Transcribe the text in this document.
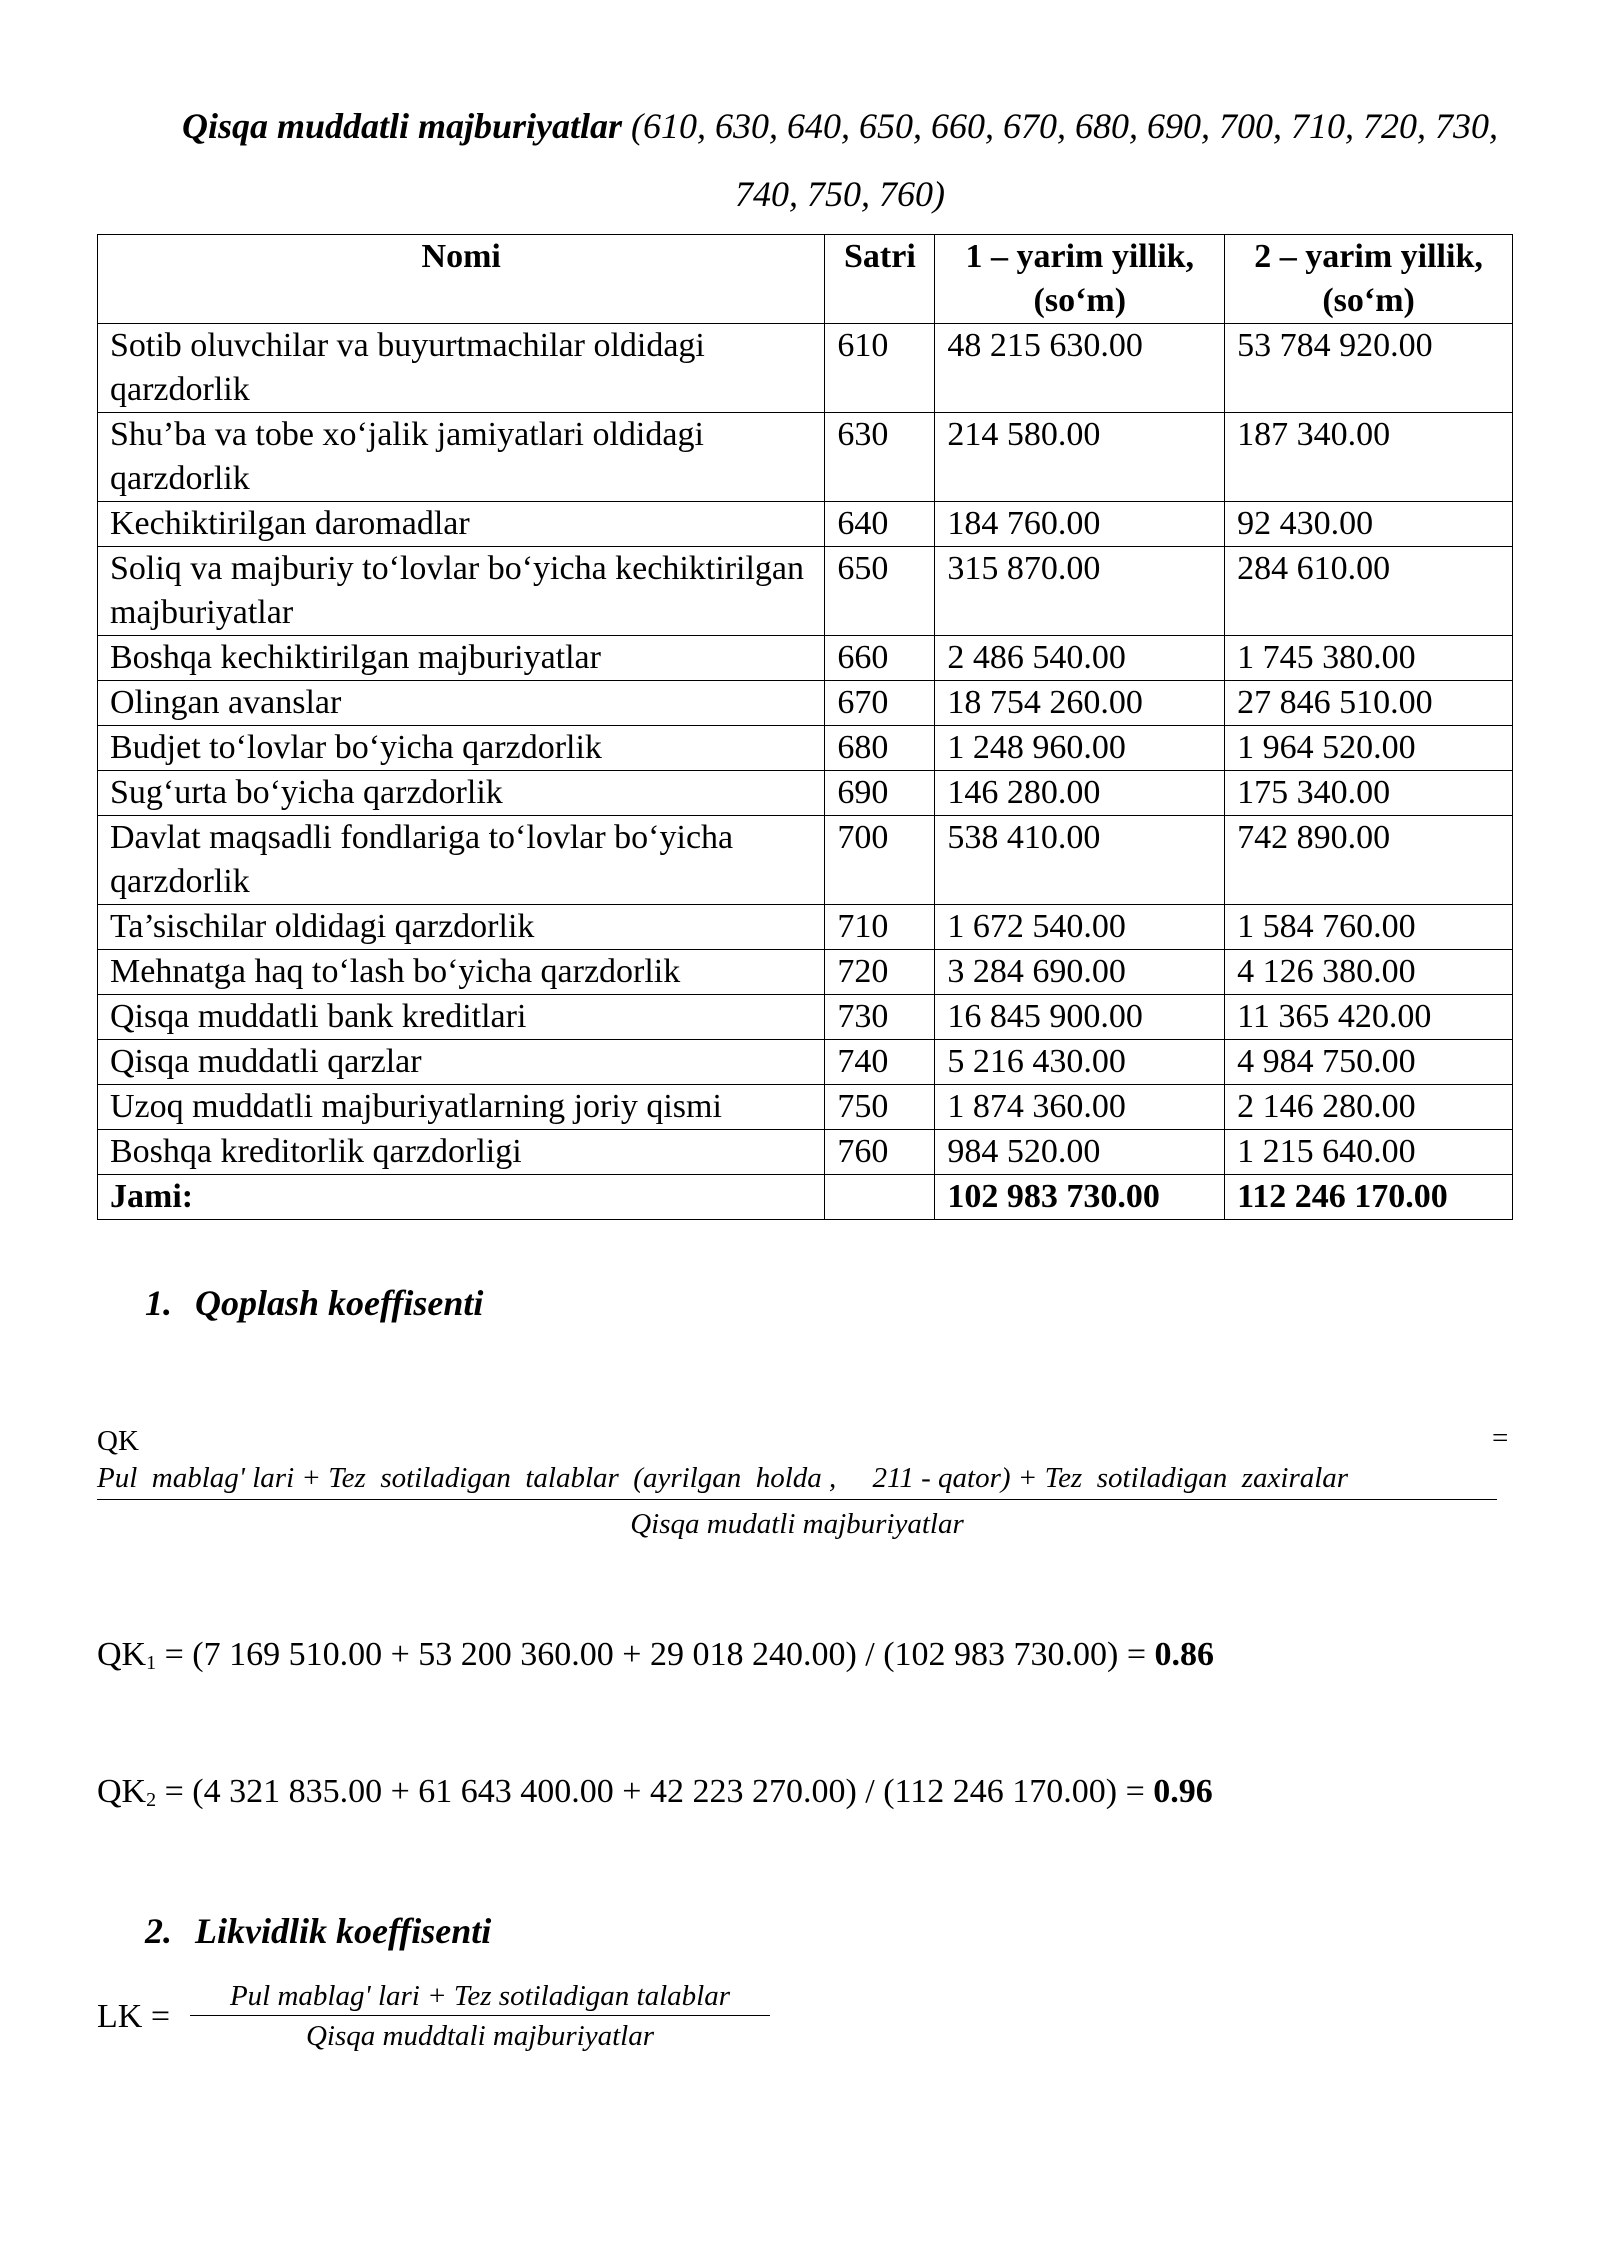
Qisqa muddatli majburiyatlar (610, 630, 640, 650, 660, 670, 680, 690, 700, 710, 720, 730, 740, 750, 760)
Nomi	Satri	1 – yarim yillik, (so‘m)	2 – yarim yillik, (so‘m)
Sotib oluvchilar va buyurtmachilar oldidagi qarzdorlik	610	48 215 630.00	53 784 920.00
Shu’ba va tobe xo‘jalik jamiyatlari oldidagi qarzdorlik	630	214 580.00	187 340.00
Kechiktirilgan daromadlar	640	184 760.00	92 430.00
Soliq va majburiy to‘lovlar bo‘yicha kechiktirilgan majburiyatlar	650	315 870.00	284 610.00
Boshqa kechiktirilgan majburiyatlar	660	2 486 540.00	1 745 380.00
Olingan avanslar	670	18 754 260.00	27 846 510.00
Budjet to‘lovlar bo‘yicha qarzdorlik	680	1 248 960.00	1 964 520.00
Sug‘urta bo‘yicha qarzdorlik	690	146 280.00	175 340.00
Davlat maqsadli fondlariga to‘lovlar bo‘yicha qarzdorlik	700	538 410.00	742 890.00
Ta’sischilar oldidagi qarzdorlik	710	1 672 540.00	1 584 760.00
Mehnatga haq to‘lash bo‘yicha qarzdorlik	720	3 284 690.00	4 126 380.00
Qisqa muddatli bank kreditlari	730	16 845 900.00	11 365 420.00
Qisqa muddatli qarzlar	740	5 216 430.00	4 984 750.00
Uzoq muddatli majburiyatlarning joriy qismi	750	1 874 360.00	2 146 280.00
Boshqa kreditorlik qarzdorligi	760	984 520.00	1 215 640.00
Jami:		102 983 730.00	112 246 170.00
1. Qoplash koeffisenti
QK	=
Pul  mablag' lari + Tez  sotiladigan  talablar  (ayrilgan  holda ,     211 - qator) + Tez  sotiladigan  zaxiralar
Qisqa mudatli majburiyatlar
$QK_1 = (7$ 169 510.00 + 53 200 360.00 + 29 018 240.00) / (102 983 730.00) = 0.86
$QK_2 = (4$ 321 835.00 + 61 643 400.00 + 42 223 270.00) / (112 246 170.00) = 0.96
2. Likvidlik koeffisenti
LK =
Pul mablag' lari + Tez sotiladigan talablar
Qisqa muddtali majburiyatlar
